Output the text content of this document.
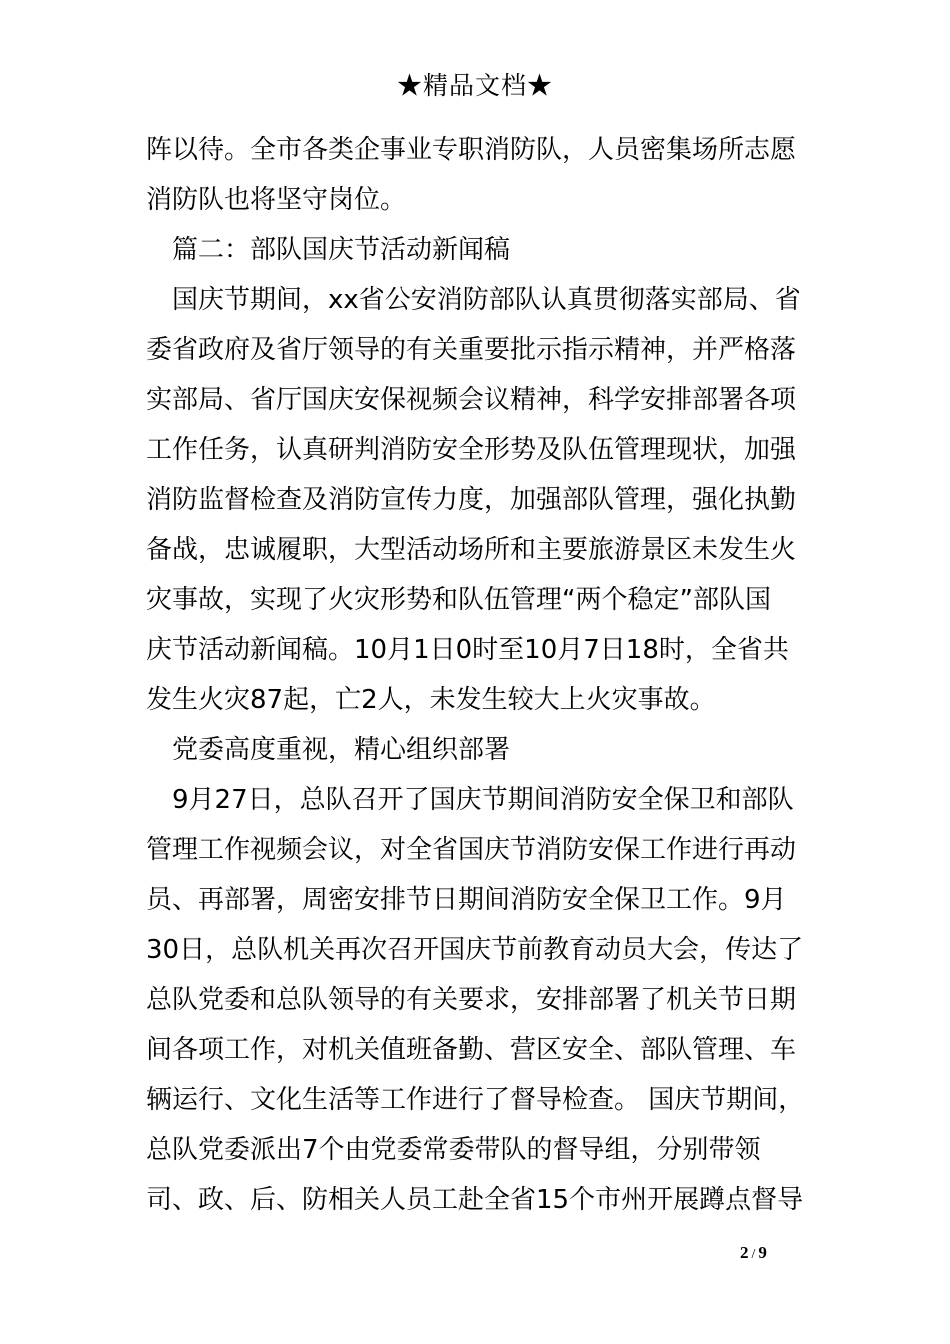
★精品文档★
阵以待。全市各类企事业专职消防队，人员密集场所志愿
消防队也将坚守岗位。
篇二：部队国庆节活动新闻稿
国庆节期间，xx省公安消防部队认真贯彻落实部局、省
委省政府及省厅领导的有关重要批示指示精神，并严格落
实部局、省厅国庆安保视频会议精神，科学安排部署各项
工作任务，认真研判消防安全形势及队伍管理现状，加强
消防监督检查及消防宣传力度，加强部队管理，强化执勤
备战，忠诚履职，大型活动场所和主要旅游景区未发生火
灾事故，实现了火灾形势和队伍管理“两个稳定”部队国
庆节活动新闻稿。10月1日0时至10月7日18时，全省共
发生火灾87起，亡2人，未发生较大上火灾事故。
党委高度重视，精心组织部署
9月27日，总队召开了国庆节期间消防安全保卫和部队
管理工作视频会议，对全省国庆节消防安保工作进行再动
员、再部署，周密安排节日期间消防安全保卫工作。9月
30日，总队机关再次召开国庆节前教育动员大会，传达了
总队党委和总队领导的有关要求，安排部署了机关节日期
间各项工作，对机关值班备勤、营区安全、部队管理、车
辆运行、文化生活等工作进行了督导检查。 国庆节期间，
总队党委派出7个由党委常委带队的督导组，分别带领
司、政、后、防相关人员工赴全省15个市州开展蹲点督导
2 / 9
